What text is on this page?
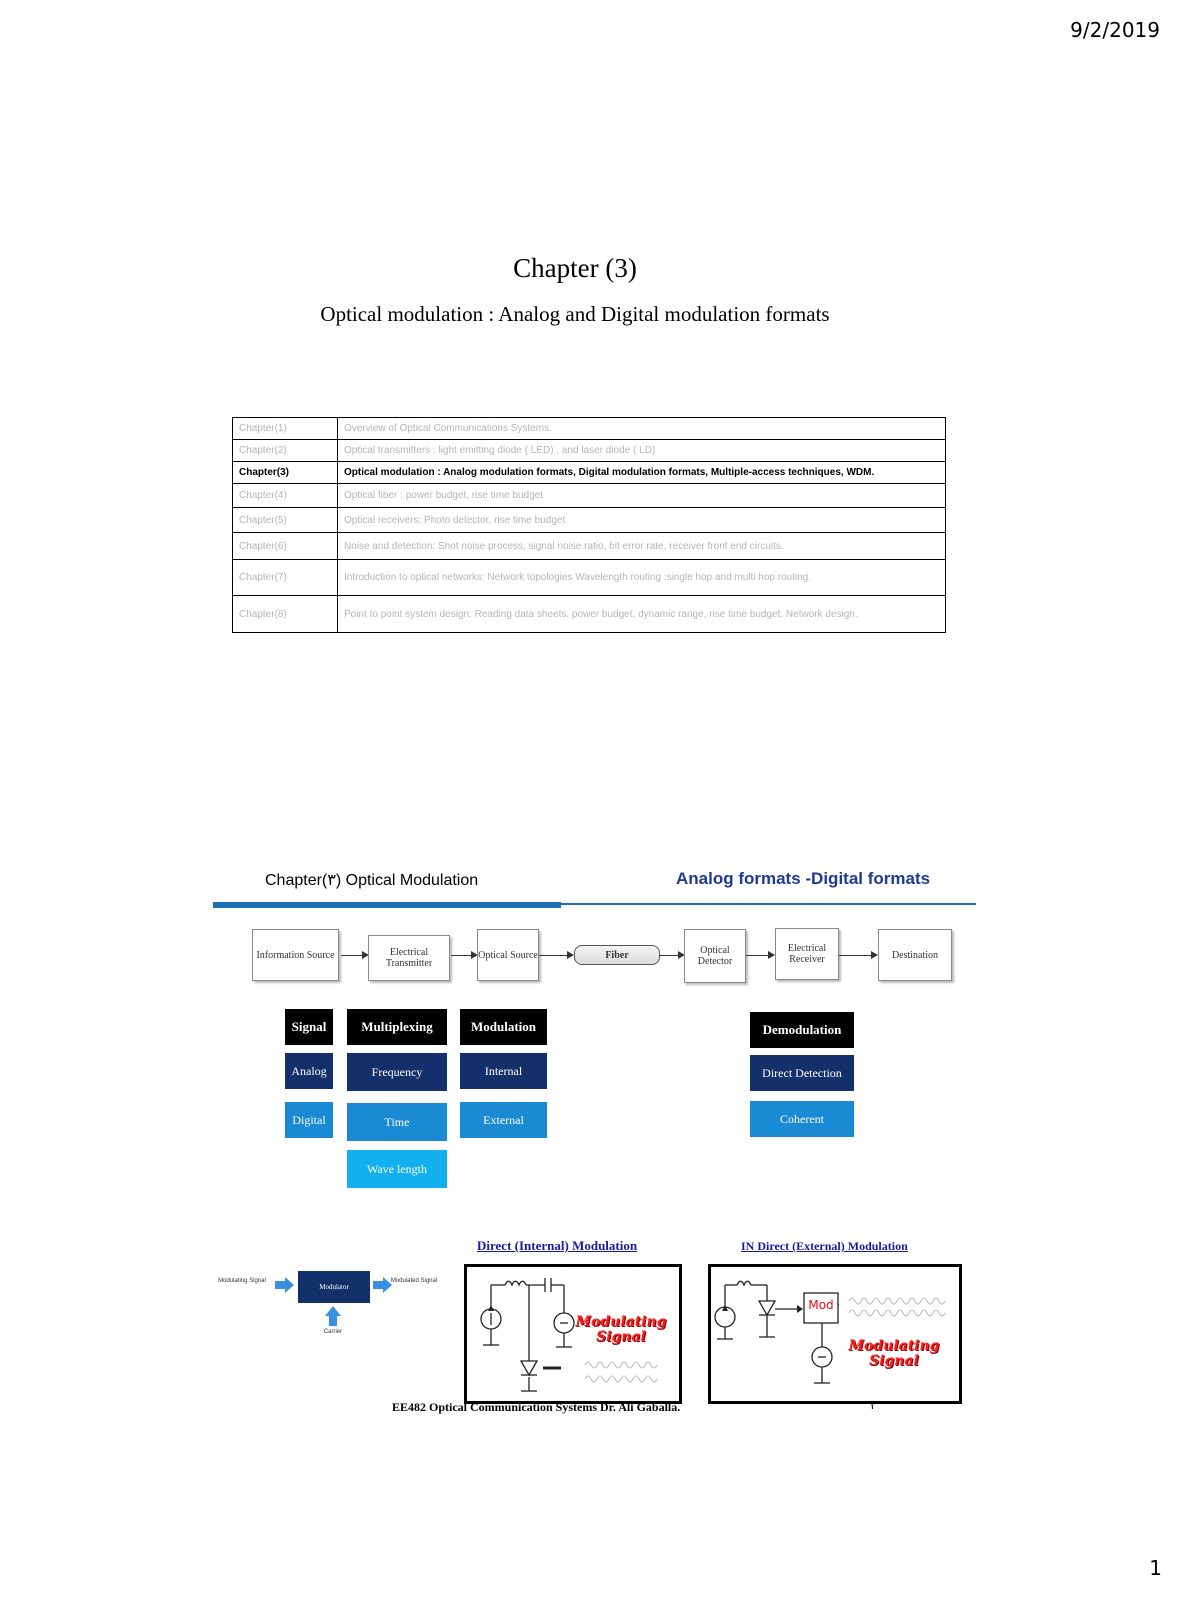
9/2/2019
Chapter (3)
Optical modulation : Analog and Digital modulation formats
Chapter(1)	Overview of Optical Communications Systems.
Chapter(2)	Optical transmitters : light emitting diode ( LED) , and laser diode ( LD)
Chapter(3)	Optical modulation : Analog modulation formats, Digital modulation formats, Multiple-access techniques, WDM.
Chapter(4)	Optical fiber : power budget, rise time budget
Chapter(5)	Optical receivers: Photo detector, rise time budget
Chapter(6)	Noise and detection: Shot noise process, signal noise ratio, bit error rate, receiver front end circuits.
Chapter(7)	Introduction to optical networks: Network topologies Wavelength routing :single hop and multi hop routing.
Chapter(8)	Point to point system design: Reading data sheets, power budget, dynamic range, rise time budget. Network design.
Chapter(٣) Optical Modulation	Analog formats -Digital formats
Information Source	Electrical Transmitter
Optical Source	Fiber	Optical Detector
Electrical Receiver	Destination
Signal
Analog
Digital
Multiplexing
Frequency
Time
Wave length
Modulation
Internal
External
Demodulation
Direct Detection
Coherent
Modulating Signal
Modulator
Modulated Signal
Carrier
Direct (Internal) Modulation
Modulating Signal
IN Direct (External) Modulation
Mod
Modulating Signal
EE482 Optical Communication Systems Dr. Ali Gaballa.	٢
1
